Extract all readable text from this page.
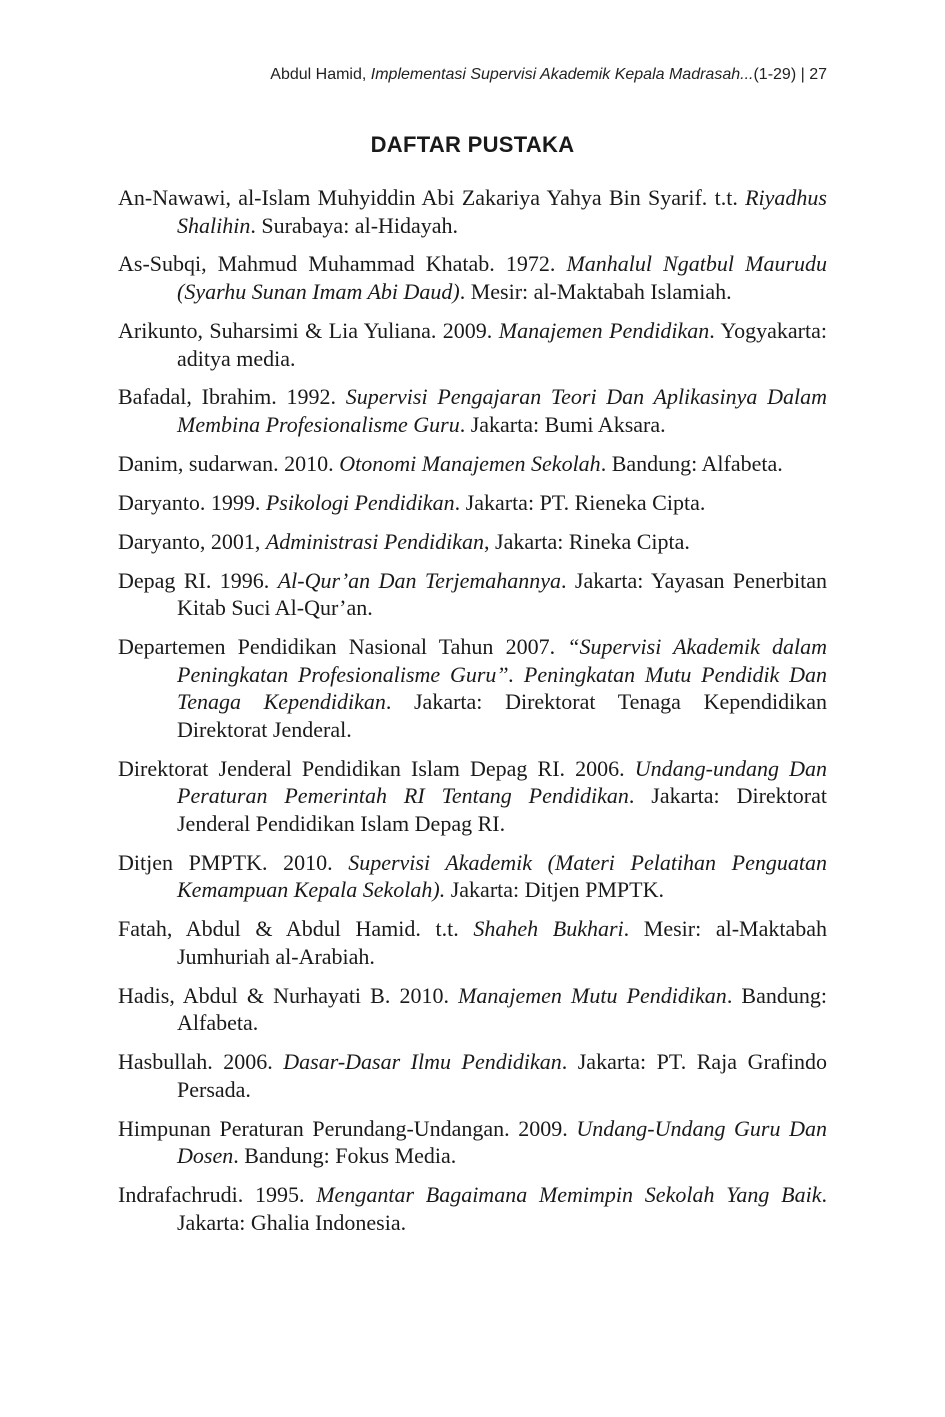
Abdul Hamid, Implementasi Supervisi Akademik Kepala Madrasah...(1-29) | 27
DAFTAR PUSTAKA

An-Nawawi, al-Islam Muhyiddin Abi Zakariya Yahya Bin Syarif. t.t. Riyadhus Shalihin. Surabaya: al-Hidayah.

As-Subqi, Mahmud Muhammad Khatab. 1972. Manhalul Ngatbul Maurudu (Syarhu Sunan Imam Abi Daud). Mesir: al-Maktabah Islamiah.

Arikunto, Suharsimi & Lia Yuliana. 2009. Manajemen Pendidikan. Yogyakarta: aditya media.

Bafadal, Ibrahim. 1992. Supervisi Pengajaran Teori Dan Aplikasinya Dalam Membina Profesionalisme Guru. Jakarta: Bumi Aksara.

Danim, sudarwan. 2010. Otonomi Manajemen Sekolah. Bandung: Alfabeta.

Daryanto. 1999. Psikologi Pendidikan. Jakarta: PT. Rieneka Cipta.

Daryanto, 2001, Administrasi Pendidikan, Jakarta: Rineka Cipta.

Depag RI. 1996. Al-Qur’an Dan Terjemahannya. Jakarta: Yayasan Penerbitan Kitab Suci Al-Qur’an.

Departemen Pendidikan Nasional Tahun 2007. “Supervisi Akademik dalam Peningkatan Profesionalisme Guru”. Peningkatan Mutu Pendidik Dan Tenaga Kependidikan. Jakarta: Direktorat Tenaga Kependidikan Direktorat Jenderal.

Direktorat Jenderal Pendidikan Islam Depag RI. 2006. Undang-undang Dan Peraturan Pemerintah RI Tentang Pendidikan. Jakarta: Direktorat Jenderal Pendidikan Islam Depag RI.

Ditjen PMPTK. 2010. Supervisi Akademik (Materi Pelatihan Penguatan Kemampuan Kepala Sekolah). Jakarta: Ditjen PMPTK.

Fatah, Abdul & Abdul Hamid. t.t. Shaheh Bukhari. Mesir: al-Maktabah Jumhuriah al-Arabiah.

Hadis, Abdul & Nurhayati B. 2010. Manajemen Mutu Pendidikan. Bandung: Alfabeta.

Hasbullah. 2006. Dasar-Dasar Ilmu Pendidikan. Jakarta: PT. Raja Grafindo Persada.

Himpunan Peraturan Perundang-Undangan. 2009. Undang-Undang Guru Dan Dosen. Bandung: Fokus Media.

Indrafachrudi. 1995. Mengantar Bagaimana Memimpin Sekolah Yang Baik. Jakarta: Ghalia Indonesia.
